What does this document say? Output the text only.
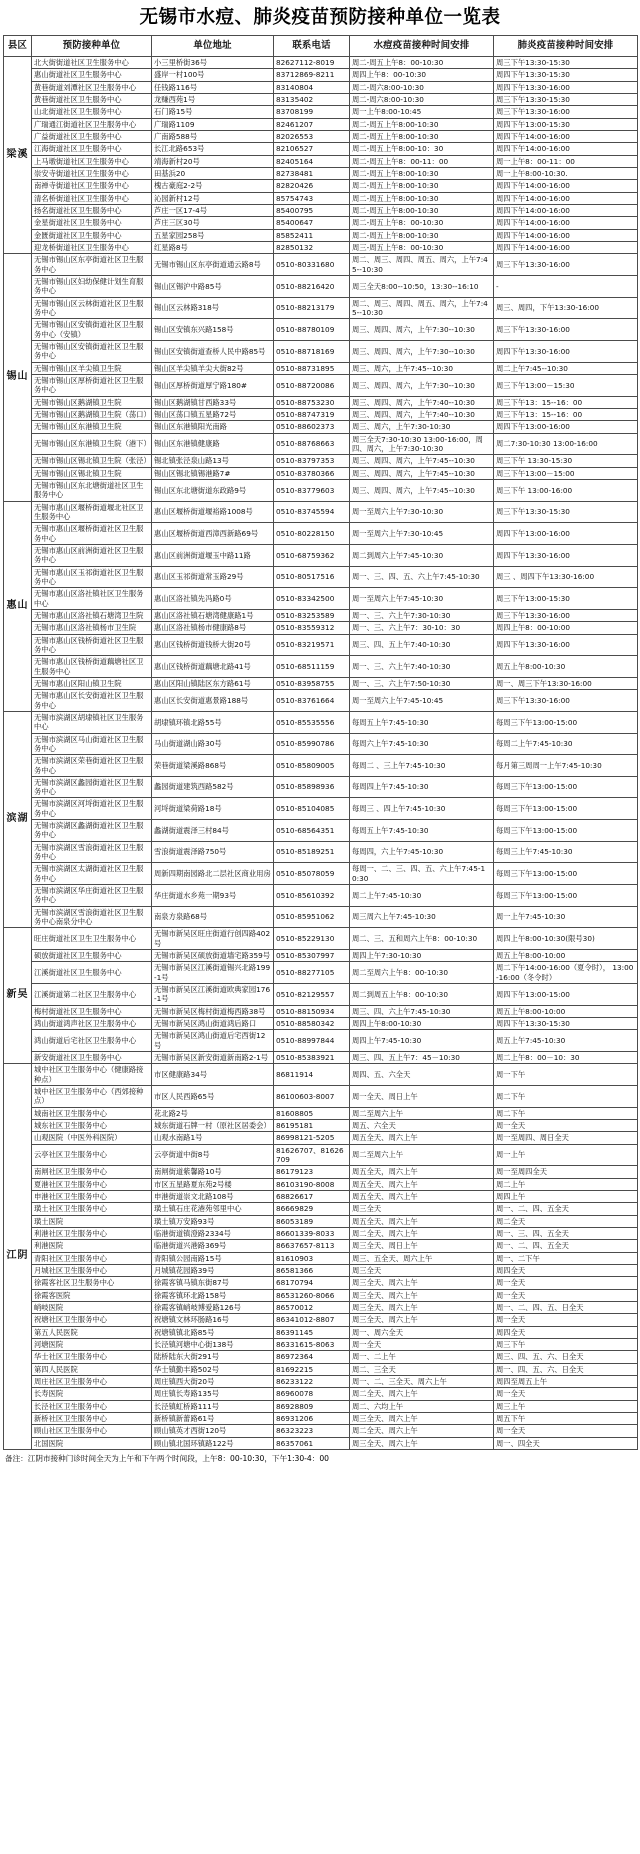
无锡市水痘、肺炎疫苗预防接种单位一览表
县区	预防接种单位	单位地址	联系电话	水痘疫苗接种时间安排	肺炎疫苗接种时间安排
梁溪	北大街街道社区卫生服务中心	小三里桥街36号	82627112-8019	周二-周五上午8：00-10:30	周三下午13:30-15:30
	惠山街道社区卫生服务中心	盛岸一村100号	83712869-8211	周四上午8：00-10:30	周四下午13:30-15:30
	黄巷街道刘潭社区卫生服务中心	任钱路116号	83140804	周二-周六8:00-10:30	周四下午13:30-16:00
	黄巷街道社区卫生服务中心	龙赚西苑1号	83135402	周二-周六8:00-10:30	周三下午13:30-15:30
	山北街道社区卫生服务中心	石门路15号	83708199	周一上午8:00-10:45	周三下午13:30-16:00
	广瑞通江街道社区卫生服务中心	广瑞路1109	82461207	周二-周五上午8:00-10:30	周四下午13:00-15:30
	广益街道社区卫生服务中心	广南路588号	82026553	周二-周五上午8:00-10:30	周四下午14:00-16:00
	江海街道社区卫生服务中心	长江北路653号	82106527	周二-周五上午8:00-10：30	周四下午14:00-16:00
	上马墩街道社区卫生服务中心	靖海新村20号	82405164	周二-周五上午8：00-11：00	周一上午8：00-11：00
	崇安寺街道社区卫生服务中心	田基浜20	82738481	周二-周五上午8:00-10:30	周一上午8:00-10:30.
	南禅寺街道社区卫生服务中心	槐古豪庭2-2号	82820426	周二-周五上午8:00-10:30	周四下午14:00-16:00
	清名桥街道社区卫生服务中心	沁园新村12号	85754743	周二-周五上午8:00-10:30	周四下午14:00-16:00
	扬名街道社区卫生服务中心	芦庄一区17-4号	85400795	周二-周五上午8:00-10:30	周四下午14:00-16:00
	金星街道社区卫生服务中心	芦庄三区30号	85400647	周二-周五上午8：00-10:30	周四下午14:00-16:00
	金匮街道社区卫生服务中心	五星家园258号	85852411	周二-周五上午8:00-10:30	周四下午14:00-16:00
	迎龙桥街道社区卫生服务中心	红星路8号	82850132	周三-周五上午8：00-10:30	周四下午14:00-16:00
锡山	无锡市锡山区东亭街道社区卫生服务中心	无锡市锡山区东亭街道通云路8号	0510-80331680	周二、周三、周四、周五、周六，上午7:45--10:30	周三下午13:30-16:00
	无锡市锡山区妇幼保健计划生育服务中心	锡山区锡沪中路85号	0510-88216420	周三全天8:00--10:50，13:30--16:10	-
	无锡市锡山区云林街道社区卫生服务中心	锡山区云林路318号	0510-88213179	周二、周三、周四、周五、周六，上午7:45--10:30	周三、周四，下午13:30-16:00
	无锡市锡山区安镇街道社区卫生服务中心（安镇）	锡山区安镇东兴路158号	0510-88780109	周三、周四、周六，上午7:30--10:30	周三下午13:30-16:00
	无锡市锡山区安镇街道社区卫生服务中心	锡山区安镇街道查桥人民中路85号	0510-88718169	周三、周四、周六，上午7:30--10:30	周四下午13:30-16:00
	无锡市锡山区羊尖镇卫生院	锡山区羊尖镇羊尖大街82号	0510-88731895	周三、周六，上午7:45--10:30	周二上午7:45--10:30
	无锡市锡山区厚桥街道社区卫生服务中心	锡山区厚桥街道厚宁路180#	0510-88720086	周三、周四、周六，上午7:30--10:30	周三下午13:00－15:30
	无锡市锡山区鹅湖镇卫生院	锡山区鹅湖镇甘西路33号	0510-88753230	周三、周四、周六，上午7:40--10:30	周三下午13：15--16：00
	无锡市锡山区鹅湖镇卫生院（荡口）	锡山区荡口镇五星路72号	0510-88747319	周三、周四、周六，上午7:40--10:30	周三下午13：15--16：00
	无锡市锡山区东港镇卫生院	锡山区东港镇阳光南路	0510-88602373	周三、周六，上午7:30-10:30	周四下午13:00-16:00
	无锡市锡山区东港镇卫生院（港下）	锡山区东港镇健康路	0510-88768663	周三全天7:30-10:30 13:00-16:00，周四、周六，上午7:30-10:30	周二7:30-10:30 13:00-16:00
	无锡市锡山区锡北镇卫生院（张泾）	锡北镇张泾泉山路13号	0510-83797353	周三、周四、周六，上午7:45--10:30	周三下午 13:30-15:30
	无锡市锡山区锡北镇卫生院	锡山区锡北镇锡港路7#	0510-83780366	周三、周四、周六，上午7:45--10:30	周三下午13:00－15:00
	无锡市锡山区东北塘街道社区卫生服务中心	锡山区东北塘街道东政路9号	0510-83779603	周三、周四、周六，上午7:45--10:30	周三下午 13:00-16:00
惠山	无锡市惠山区堰桥街道堰北社区卫生服务中心	惠山区堰桥街道堰裕路1008号	0510-83745594	周一至周六上午7:30-10:30	周三下午13:30-15:30
	无锡市惠山区堰桥街道社区卫生服务中心	惠山区堰桥街道西漳西新路69号	0510-80228150	周一至周六上午7:30-10:45	周四下午13:00-16:00
	无锡市惠山区前洲街道社区卫生服务中心	惠山区前洲街道堰玉中路11路	0510-68759362	周二到周六上午7:45-10:30	周四下午13:30-16:00
	无锡市惠山区玉祁街道社区卫生服务中心	惠山区玉祁街道常玉路29号	0510-80517516	周一、三、四、五、六上午7:45-10:30	周三 、周四下午13:30-16:00
	无锡市惠山区洛社镇社区卫生服务中心	惠山区洛社镇先冯路0号	0510-83342500	周一至周六上午7:45-10:30	周三下午13:00-15:30
	无锡市惠山区洛社镇石塘湾卫生院	惠山区洛社镇石塘湾健康路1号	0510-83253589	周一、三、六上午7:30-10:30	周三下午13:30-16:00
	无锡市惠山区洛社镇杨市卫生院	惠山区洛社镇杨市健康路8号	0510-83559312	周一、三、六上午7：30-10：30	周四上午8：00-10:00
	无锡市惠山区钱桥街道社区卫生服务中心	惠山区钱桥街道钱桥大街20号	0510-83219571	周三、四、五上午7:40-10:30	周四下午13:30-16:00
	无锡市惠山区钱桥街道藕塘社区卫生服务中心	惠山区钱桥街道藕塘北路41号	0510-68511159	周一、三、六上午7:40-10:30	周五上午8:00-10:30
	无锡市惠山区阳山镇卫生院	惠山区阳山镇陆区东方路61号	0510-83958755	周一、三、六上午7:50-10:30	周一、周三下午13:30-16:00
	无锡市惠山区长安街道社区卫生服务中心	惠山区长安街道惠景路188号	0510-83761664	周一至周六上午7:45-10:45	周三下午13:30-16:00
滨湖	无锡市滨湖区胡埭镇社区卫生服务中心	胡埭镇环镇北路55号	0510-85535556	每周五上午7:45-10:30	每周三下午13:00-15:00
	无锡市滨湖区马山街道社区卫生服务中心	马山街道湖山路30号	0510-85990786	每周六上午7:45-10:30	每周二上午7:45-10:30
	无锡市滨湖区荣巷街道社区卫生服务中心	荣巷街道梁溪路868号	0510-85809005	每周二 、三上午7:45-10:30	每月第三周周一上午7:45-10:30
	无锡市滨湖区蠡园街道社区卫生服务中心	蠡园街道建筑西路582号	0510-85898936	每周四上午7:45-10:30	每周三下午13:00-15:00
	无锡市滨湖区河埒街道社区卫生服务中心	河埒街道梁荷路18号	0510-85104085	每周三 、四上午7:45-10:30	每周三下午13:00-15:00
	无锡市滨湖区蠡湖街道社区卫生服务中心	蠡湖街道震泽三村84号	0510-68564351	每周五上午7:45-10:30	每周三下午13:00-15:00
	无锡市滨湖区雪浪街道社区卫生服务中心	雪浪街道震泽路750号	0510-85189251	每周四，六上午7:45-10:30	每周三上午7:45-10:30
	无锡市滨湖区太湖街道社区卫生服务中心	周新四期南园路北二层社区商业用房	0510-85078059	每周一、二、三、四、五、六上午7:45-10:30	每周三下午13:00-15:00
	无锡市滨湖区华庄街道社区卫生服务中心	华庄街道水乡苑一期93号	0510-85610392	周二上午7:45-10:30	每周三下午13:00-15:00
	无锡市滨湖区雪浪街道社区卫生服务中心南泉分中心	南泉方泉路68号	0510-85951062	周三周六上午7:45-10:30	周一上午7:45-10:30
新吴	旺庄街道社区卫生卫生服务中心	无锡市新吴区旺庄街道行创四路402号	0510-85229130	周二、三、五和周六上午8：00-10:30	周四上午8:00-10:30(限号30)
	硕放街道社区卫生服务中心	无锡市新吴区硕放街道墙宅路359号	0510-85307997	周四上午7:30-10:30	周五上午8:00-10:00
	江溪街道社区卫生服务中心	无锡市新吴区江溪街道锡兴北路199-1号	0510-88277105	周二至周六上午8：00-10:30	周二下午14:00-16:00（夏令时）， 13:00-16:00（冬令时）
	江溪街道第二社区卫生服务中心	无锡市新吴区江溪街道欧典家园176-1号	0510-82129557	周二到周五上午8：00-10:30	周四下午13:00-15:00
	梅村街道社区卫生服务中心	无锡市新吴区梅村街道梅西路38号	0510-88150934	周三、四、六上午7:45-10:30	周五上午8:00-10:00
	鸿山街道鸿声社区卫生服务中心	无锡市新吴区鸿山街道鸿后路口	0510-88580342	周四上午8:00-10:30	周四下午13:30-15:30
	鸿山街道后宅社区卫生服务中心	无锡市新吴区鸿山街道后宅西街12号	0510-88997844	周四上午7:45-10:30	周五上午7:45-10:30
	新安街道社区卫生服务中心	无锡市新吴区新安街道新南路2-1号	0510-85383921	周三、四、五上午7：45－10:30	周二上午8：00－10：30
江阴	城中社区卫生服务中心（健康路接种点）	市区健康路34号	86811914	周四、五、六全天	周一下午
	城中社区卫生服务中心（西郊接种点）	市区人民西路65号	86100603-8007	周一全天、周日上午	周二下午
	城南社区卫生服务中心	花北路2号	81608805	周二至周六上午	周二下午
	城东社区卫生服务中心	城东街道石牌一村（原社区居委会）	86195181	周五、六全天	周一全天
	山观医院（中医外科医院）	山观水南路1号	86998121-5205	周五全天、周六上午	周一至周四、周日全天
	云亭社区卫生服务中心	云亭街道中街8号	81626707、81626709	周二至周六上午	周一上午
	南闸社区卫生服务中心	南闸街道紫馨路10号	86179123	周五全天，周六上午	周一至周四全天
	夏港社区卫生服务中心	市区五星路夏东苑2号楼	86103190-8008	周五全天、周六上午	周二上午
	申港社区卫生服务中心	申港街道崇文北路108号	68826617	周五全天、周六上午	周四上午
	璜土社区卫生服务中心	璜土镇石庄花港苑邻里中心	86669829	周三全天	周一、二、四、五全天
	璜土医院	璜土镇万安路93号	86053189	周五全天、周六上午	周二全天
	利港社区卫生服务中心	临港街道镇澄路2334号	86601339-8033	周二全天、周六上午	周一、三、四、五全天
	利港医院	临港街道兴港路369号	86637657-8113	周三全天、周日上午	周一、二、四、五全天
	青阳社区卫生服务中心	青阳镇公园南路15号	81610903	周三、五全天、周六上午	周一、二下午
	月城社区卫生服务中心	月城镇花园路39号	86581366	周三全天	周四全天
	徐霞客社区卫生服务中心	徐霞客镇马镇东街87号	68170794	周三全天、周六上午	周一全天
	徐霞客医院	徐霞客镇环北路158号	86531260-8066	周三全天、周六上午	周一全天
	峭岐医院	徐霞客镇峭岐博爱路126号	86570012	周三全天、周六上午	周一、二、四、五、日全天
	祝塘社区卫生服务中心	祝塘镇文林环肠路16号	86341012-8807	周三全天、周六上午	周一全天
	第五人民医院	祝塘镇镇北路85号	86391145	周一、周六全天	周四全天
	河塘医院	长泾镇河塘中心街138号	86331615-8063	周一全天	周三下午
	华士社区卫生服务中心	陆桥陆东大街291号	86972364	周一、二上午	周三、四、五、六、日全天
	第四人民医院	华士镇勤丰路502号	81692215	周二、三全天	周一、四、五、六、日全天
	周庄社区卫生服务中心	周庄镇西大街20号	86233122	周一、二、三全天、周六上午	周四至周五上午
	长寿医院	周庄镇长寿路135号	86960078	周二全天、周六上午	周一全天
	长泾社区卫生服务中心	长泾镇虹桥路111号	86928809	周二、六均上午	周三上午
	新桥社区卫生服务中心	新桥镇新蕾路61号	86931206	周三全天、周六上午	周五下午
	顾山社区卫生服务中心	顾山镇英才西街120号	86323223	周二全天、周六上午	周一全天
	北国医院	顾山镇北国环镇路122号	86357061	周三全天、周六上午	周一、四全天
备注：江阴市接种门诊时间全天为上午和下午两个时间段，上午8：00-10:30，下午1:30-4：00
